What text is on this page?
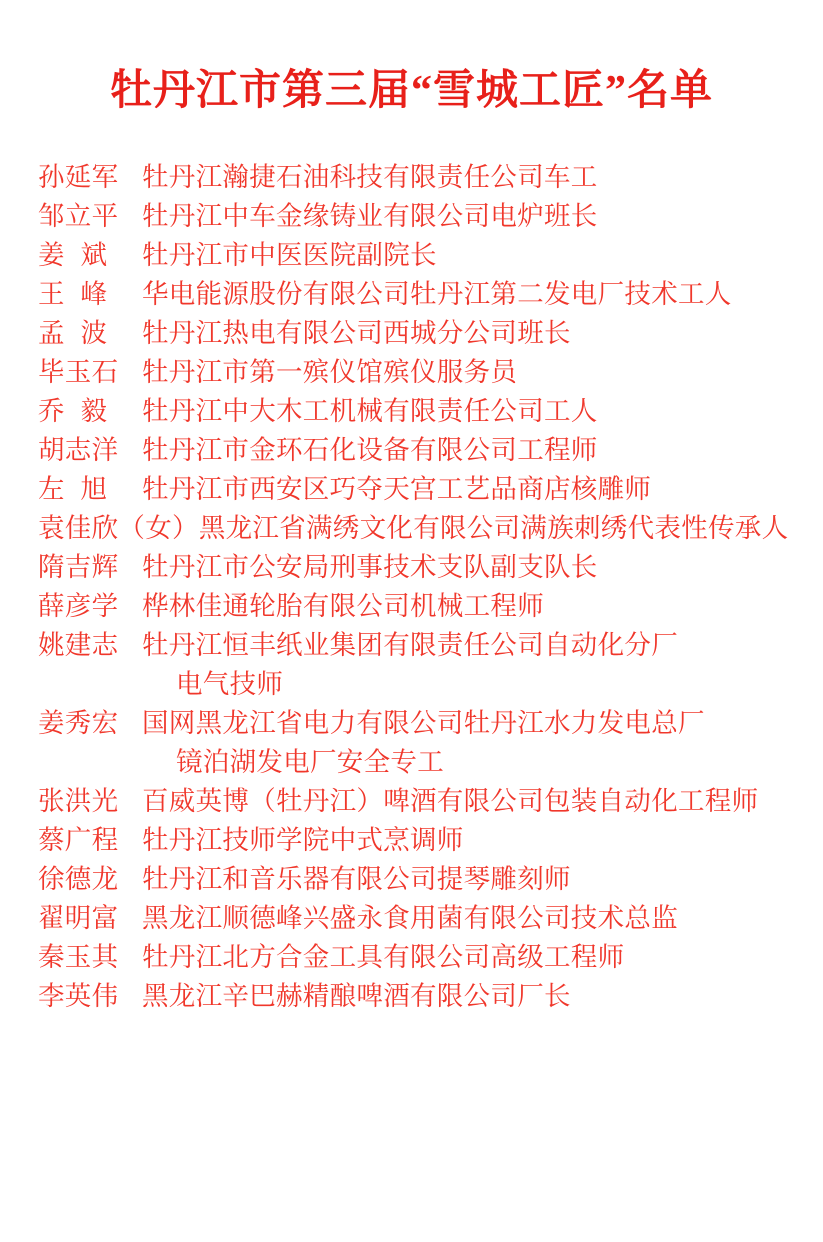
牡丹江市第三届“雪城工匠”名单
孙延军 牡丹江瀚捷石油科技有限责任公司车工
邹立平 牡丹江中车金缘铸业有限公司电炉班长
姜斌 牡丹江市中医医院副院长
王峰 华电能源股份有限公司牡丹江第二发电厂技术工人
孟波 牡丹江热电有限公司西城分公司班长
毕玉石 牡丹江市第一殡仪馆殡仪服务员
乔毅 牡丹江中大木工机械有限责任公司工人
胡志洋 牡丹江市金环石化设备有限公司工程师
左旭 牡丹江市西安区巧夺天宫工艺品商店核雕师
袁佳欣（女）黑龙江省满绣文化有限公司满族刺绣代表性传承人
隋吉辉 牡丹江市公安局刑事技术支队副支队长
薛彦学 桦林佳通轮胎有限公司机械工程师
姚建志 牡丹江恒丰纸业集团有限责任公司自动化分厂
电气技师
姜秀宏 国网黑龙江省电力有限公司牡丹江水力发电总厂
镜泊湖发电厂安全专工
张洪光 百威英博（牡丹江）啤酒有限公司包装自动化工程师
蔡广程 牡丹江技师学院中式烹调师
徐德龙 牡丹江和音乐器有限公司提琴雕刻师
翟明富 黑龙江顺德峰兴盛永食用菌有限公司技术总监
秦玉其 牡丹江北方合金工具有限公司高级工程师
李英伟 黑龙江辛巴赫精酿啤酒有限公司厂长
